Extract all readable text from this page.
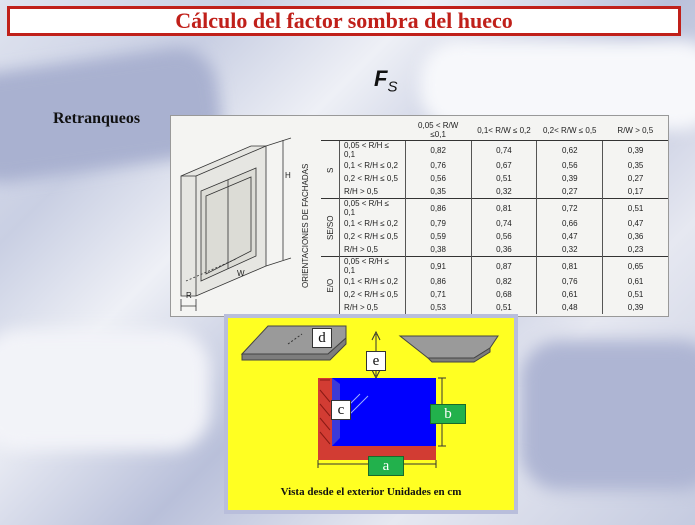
Cálculo del factor sombra del hueco
$F_S$
Retranqueos
H
W
R
ORIENTACIONES DE FACHADAS
		0,05 < R/W ≤0,1	0,1< R/W ≤ 0,2	0,2< R/W ≤ 0,5	R/W > 0,5
S	0,05 < R/H ≤ 0,1	0,82	0,74	0,62	0,39
	0,1 < R/H ≤ 0,2	0,76	0,67	0,56	0,35
	0,2 < R/H ≤ 0,5	0,56	0,51	0,39	0,27
	R/H > 0,5	0,35	0,32	0,27	0,17
SE/SO	0,05 < R/H ≤ 0,1	0,86	0,81	0,72	0,51
	0,1 < R/H ≤ 0,2	0,79	0,74	0,66	0,47
	0,2 < R/H ≤ 0,5	0,59	0,56	0,47	0,36
	R/H > 0,5	0,38	0,36	0,32	0,23
E/O	0,05 < R/H ≤ 0,1	0,91	0,87	0,81	0,65
	0,1 < R/H ≤ 0,2	0,86	0,82	0,76	0,61
	0,2 < R/H ≤ 0,5	0,71	0,68	0,61	0,51
	R/H > 0,5	0,53	0,51	0,48	0,39
d
e
c	b
a
Vista desde el exterior Unidades en cm
